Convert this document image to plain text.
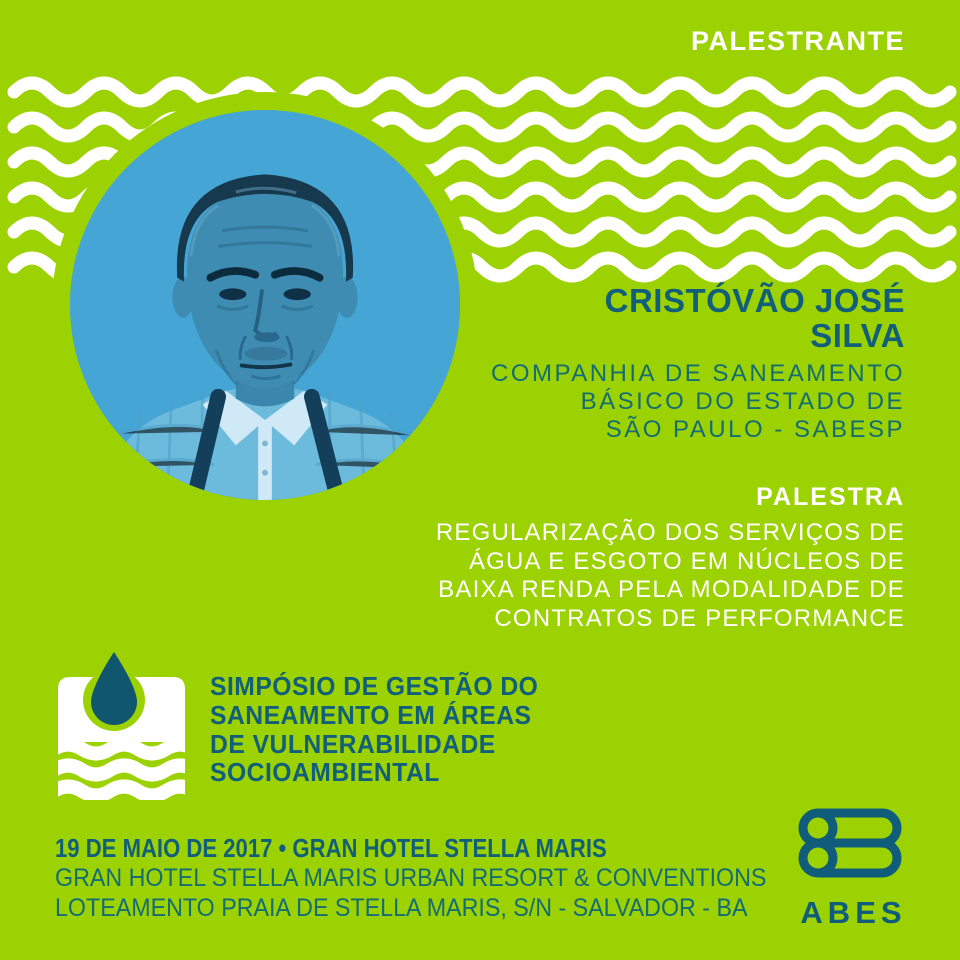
PALESTRANTE
CRISTÓVÃO JOSÉ
SILVA
COMPANHIA DE SANEAMENTO
BÁSICO DO ESTADO DE
SÃO PAULO - SABESP
PALESTRA
REGULARIZAÇÃO DOS SERVIÇOS DE
ÁGUA E ESGOTO EM NÚCLEOS DE
BAIXA RENDA PELA MODALIDADE DE
CONTRATOS DE PERFORMANCE
SIMPÓSIO DE GESTÃO DO
SANEAMENTO EM ÁREAS
DE VULNERABILIDADE
SOCIOAMBIENTAL
19 DE MAIO DE 2017 • GRAN HOTEL STELLA MARIS
GRAN HOTEL STELLA MARIS URBAN RESORT & CONVENTIONS
LOTEAMENTO PRAIA DE STELLA MARIS, S/N - SALVADOR - BA ABES
